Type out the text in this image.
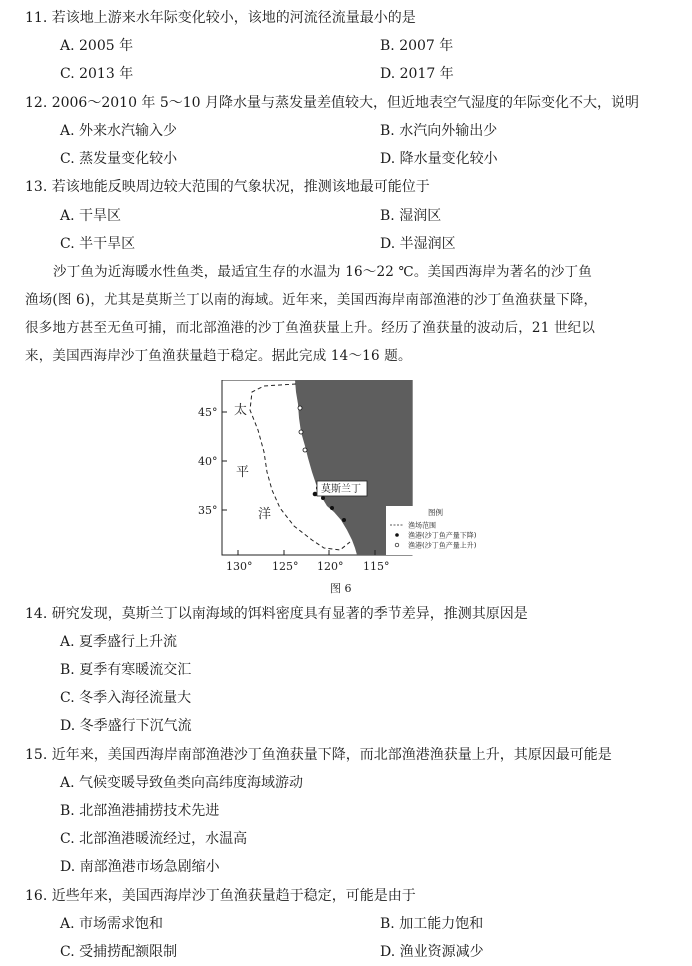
11. 若该地上游来水年际变化较小，该地的河流径流量最小的是
A. 2005 年	B. 2007 年
C. 2013 年	D. 2017 年
12. 2006～2010 年 5～10 月降水量与蒸发量差值较大，但近地表空气湿度的年际变化不大，说明
A. 外来水汽输入少	B. 水汽向外输出少
C. 蒸发量变化较小	D. 降水量变化较小
13. 若该地能反映周边较大范围的气象状况，推测该地最可能位于
A. 干旱区	B. 湿润区
C. 半干旱区	D. 半湿润区
沙丁鱼为近海暖水性鱼类，最适宜生存的水温为 16～22 ℃。美国西海岸为著名的沙丁鱼
渔场(图 6)，尤其是莫斯兰丁以南的海域。近年来，美国西海岸南部渔港的沙丁鱼渔获量下降，
很多地方甚至无鱼可捕，而北部渔港的沙丁鱼渔获量上升。经历了渔获量的波动后，21 世纪以
来，美国西海岸沙丁鱼渔获量趋于稳定。据此完成 14～16 题。
太
平
洋
莫斯兰丁
45°
40°
35°
130° 125° 120° 115°
图例
渔场范围
渔港(沙丁鱼产量下降)
渔港(沙丁鱼产量上升)
图 6
14. 研究发现，莫斯兰丁以南海域的饵料密度具有显著的季节差异，推测其原因是
A. 夏季盛行上升流
B. 夏季有寒暖流交汇
C. 冬季入海径流量大
D. 冬季盛行下沉气流
15. 近年来，美国西海岸南部渔港沙丁鱼渔获量下降，而北部渔港渔获量上升，其原因最可能是
A. 气候变暖导致鱼类向高纬度海域游动
B. 北部渔港捕捞技术先进
C. 北部渔港暖流经过，水温高
D. 南部渔港市场急剧缩小
16. 近些年来，美国西海岸沙丁鱼渔获量趋于稳定，可能是由于
A. 市场需求饱和	B. 加工能力饱和
C. 受捕捞配额限制	D. 渔业资源减少
